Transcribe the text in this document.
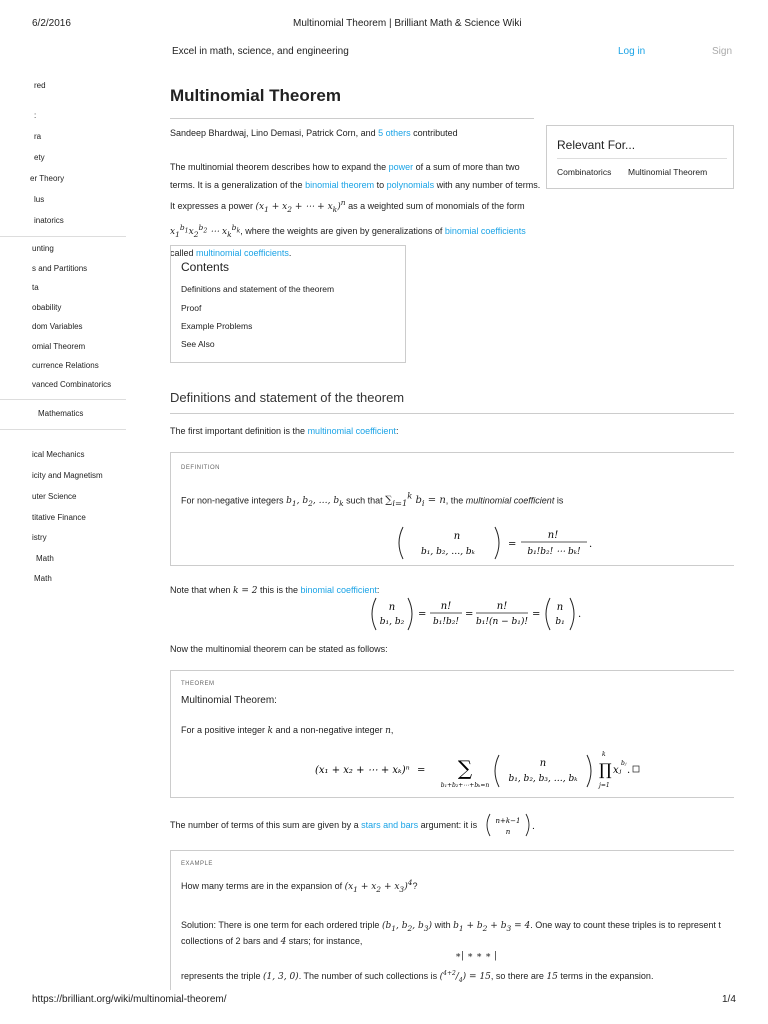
6/2/2016	Multinomial Theorem | Brilliant Math & Science Wiki
Excel in math, science, and engineering	Log in	Sign
red
:
ra
ety
er Theory
lus
inatorics
unting
s and Partitions
ta
obability
dom Variables
omial Theorem
currence Relations
vanced Combinatorics
Mathematics
ical Mechanics
icity and Magnetism
uter Science
titative Finance
istry
Math
Math
Multinomial Theorem
Sandeep Bhardwaj, Lino Demasi, Patrick Corn, and 5 others contributed
The multinomial theorem describes how to expand the power of a sum of more than two terms. It is a generalization of the binomial theorem to polynomials with any number of terms. It expresses a power ($x_1 + x_2$ + ⋯ + $x_k)^n$ as a weighted sum of monomials of the form $x_1^{b_1}x_2^{b_2}$ ⋯ $x_k^{b_k}$, where the weights are given by generalizations of binomial coefficients called multinomial coefficients.
Relevant For...
Combinatorics Multinomial Theorem
Contents
Definitions and statement of the theorem
Proof
Example Problems
See Also
Definitions and statement of the theorem
The first important definition is the multinomial coefficient:
DEFINITION
For non-negative integers $b_1$, $b_2$, …, $b_k$ such that $\sum_{i=1}^k$ $b_i = n$, the multinomial coefficient is
n
b₁, b₂, …, bₖ
=
n!
b₁!b₂! ⋯ bₖ!
.
Note that when k = 2 this is the binomial coefficient:
n
b₁, b₂
=
n!
b₁!b₂!
=
n!
b₁!(n − b₁)!
=
n
b₁
.
Now the multinomial theorem can be stated as follows:
THEOREM
Multinomial Theorem:
For a positive integer k and a non-negative integer n,
(x₁ + x₂ + ⋯ + xₖ)ⁿ = ∑
b₁+b₂+⋯+bₖ=n
n
b₁, b₂, b₃, …, bₖ ∏
k
j=1
xⱼ
bⱼ
.
The number of terms of this sum are given by a stars and bars argument: it is	n+k−1
n .
EXAMPLE
How many terms are in the expansion of $(x_1 + x_2 + x_3)^4$?
Solution: There is one term for each ordered triple ($b_1$, $b_2$, $b_3$) with $b_1 + b_2 + b_3 = 4$. One way to count these triples is to represent t
collections of 2 bars and 4 stars; for instance,
∗| ∗ ∗ ∗ |
represents the triple (1, 3, 0). The number of such collections is $(^{4+2}/_4) = 15$, so there are 15 terms in the expansion.
https://brilliant.org/wiki/multinomial-theorem/	1/4
